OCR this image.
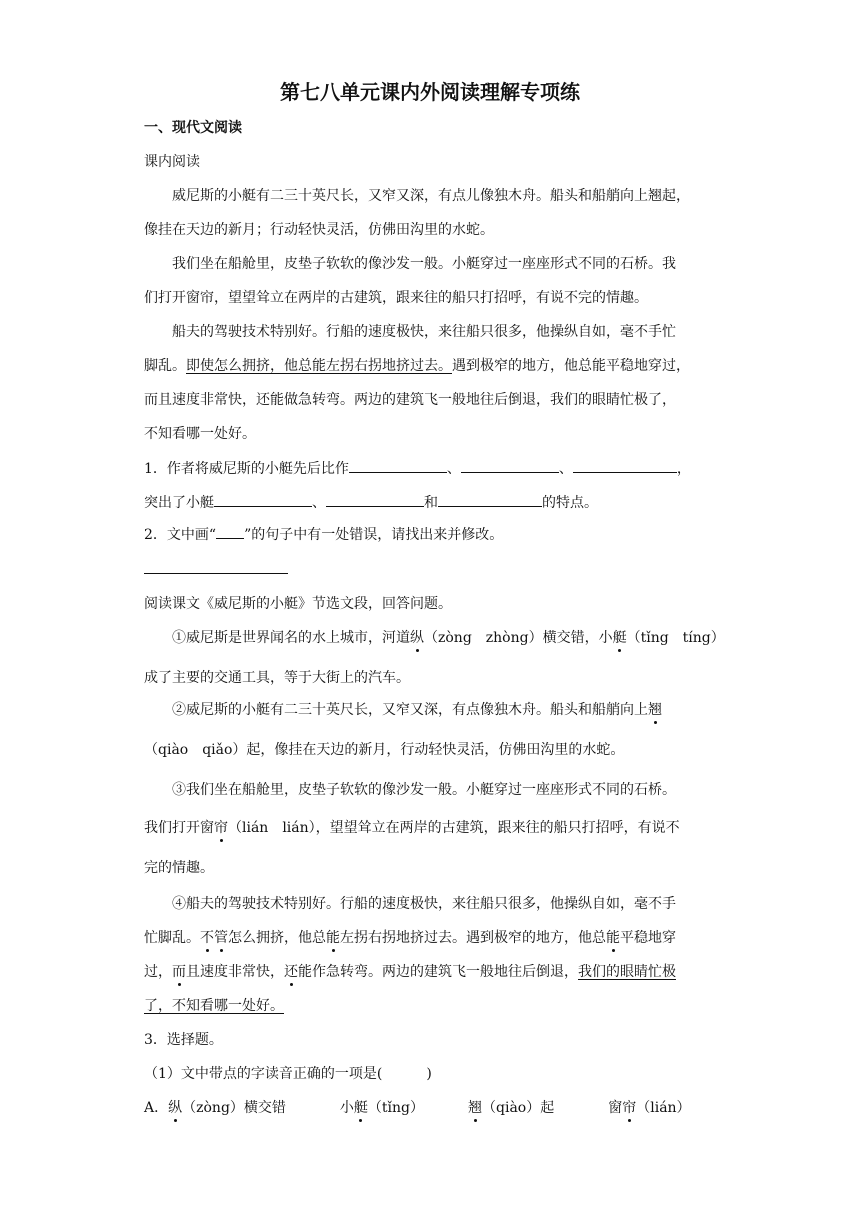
第七八单元课内外阅读理解专项练
一、现代文阅读
课内阅读
威尼斯的小艇有二三十英尺长，又窄又深，有点儿像独木舟。船头和船艄向上翘起，
像挂在天边的新月；行动轻快灵活，仿佛田沟里的水蛇。
我们坐在船舱里，皮垫子软软的像沙发一般。小艇穿过一座座形式不同的石桥。我
们打开窗帘，望望耸立在两岸的古建筑，跟来往的船只打招呼，有说不完的情趣。
船夫的驾驶技术特别好。行船的速度极快，来往船只很多，他操纵自如，毫不手忙
脚乱。即使怎么拥挤，他总能左拐右拐地挤过去。遇到极窄的地方，他总能平稳地穿过，
而且速度非常快，还能做急转弯。两边的建筑飞一般地往后倒退，我们的眼睛忙极了，
不知看哪一处好。
1．作者将威尼斯的小艇先后比作	、	、	，
突出了小艇	、	和	的特点。
2．文中画“ ”的句子中有一处错误，请找出来并修改。
阅读课文《威尼斯的小艇》节选文段，回答问题。
①威尼斯是世界闻名的水上城市，河道纵（zòng　zhòng）横交错，小艇（tǐng　tíng）
成了主要的交通工具，等于大街上的汽车。
②威尼斯的小艇有二三十英尺长，又窄又深，有点像独木舟。船头和船艄向上翘
（qiào　qiǎo）起，像挂在天边的新月，行动轻快灵活，仿佛田沟里的水蛇。
③我们坐在船舱里，皮垫子软软的像沙发一般。小艇穿过一座座形式不同的石桥。
我们打开窗帘（lián　lián），望望耸立在两岸的古建筑，跟来往的船只打招呼，有说不
完的情趣。
④船夫的驾驶技术特别好。行船的速度极快，来往船只很多，他操纵自如，毫不手
忙脚乱。不管怎么拥挤，他总能左拐右拐地挤过去。遇到极窄的地方，他总能平稳地穿
过，而且速度非常快，还能作急转弯。两边的建筑飞一般地往后倒退，我们的眼睛忙极
了，不知看哪一处好。
3．选择题。
（1）文中带点的字读音正确的一项是(	)
A．纵（zòng）横交错	小艇（tǐng）	翘（qiào）起	窗帘（lián）
